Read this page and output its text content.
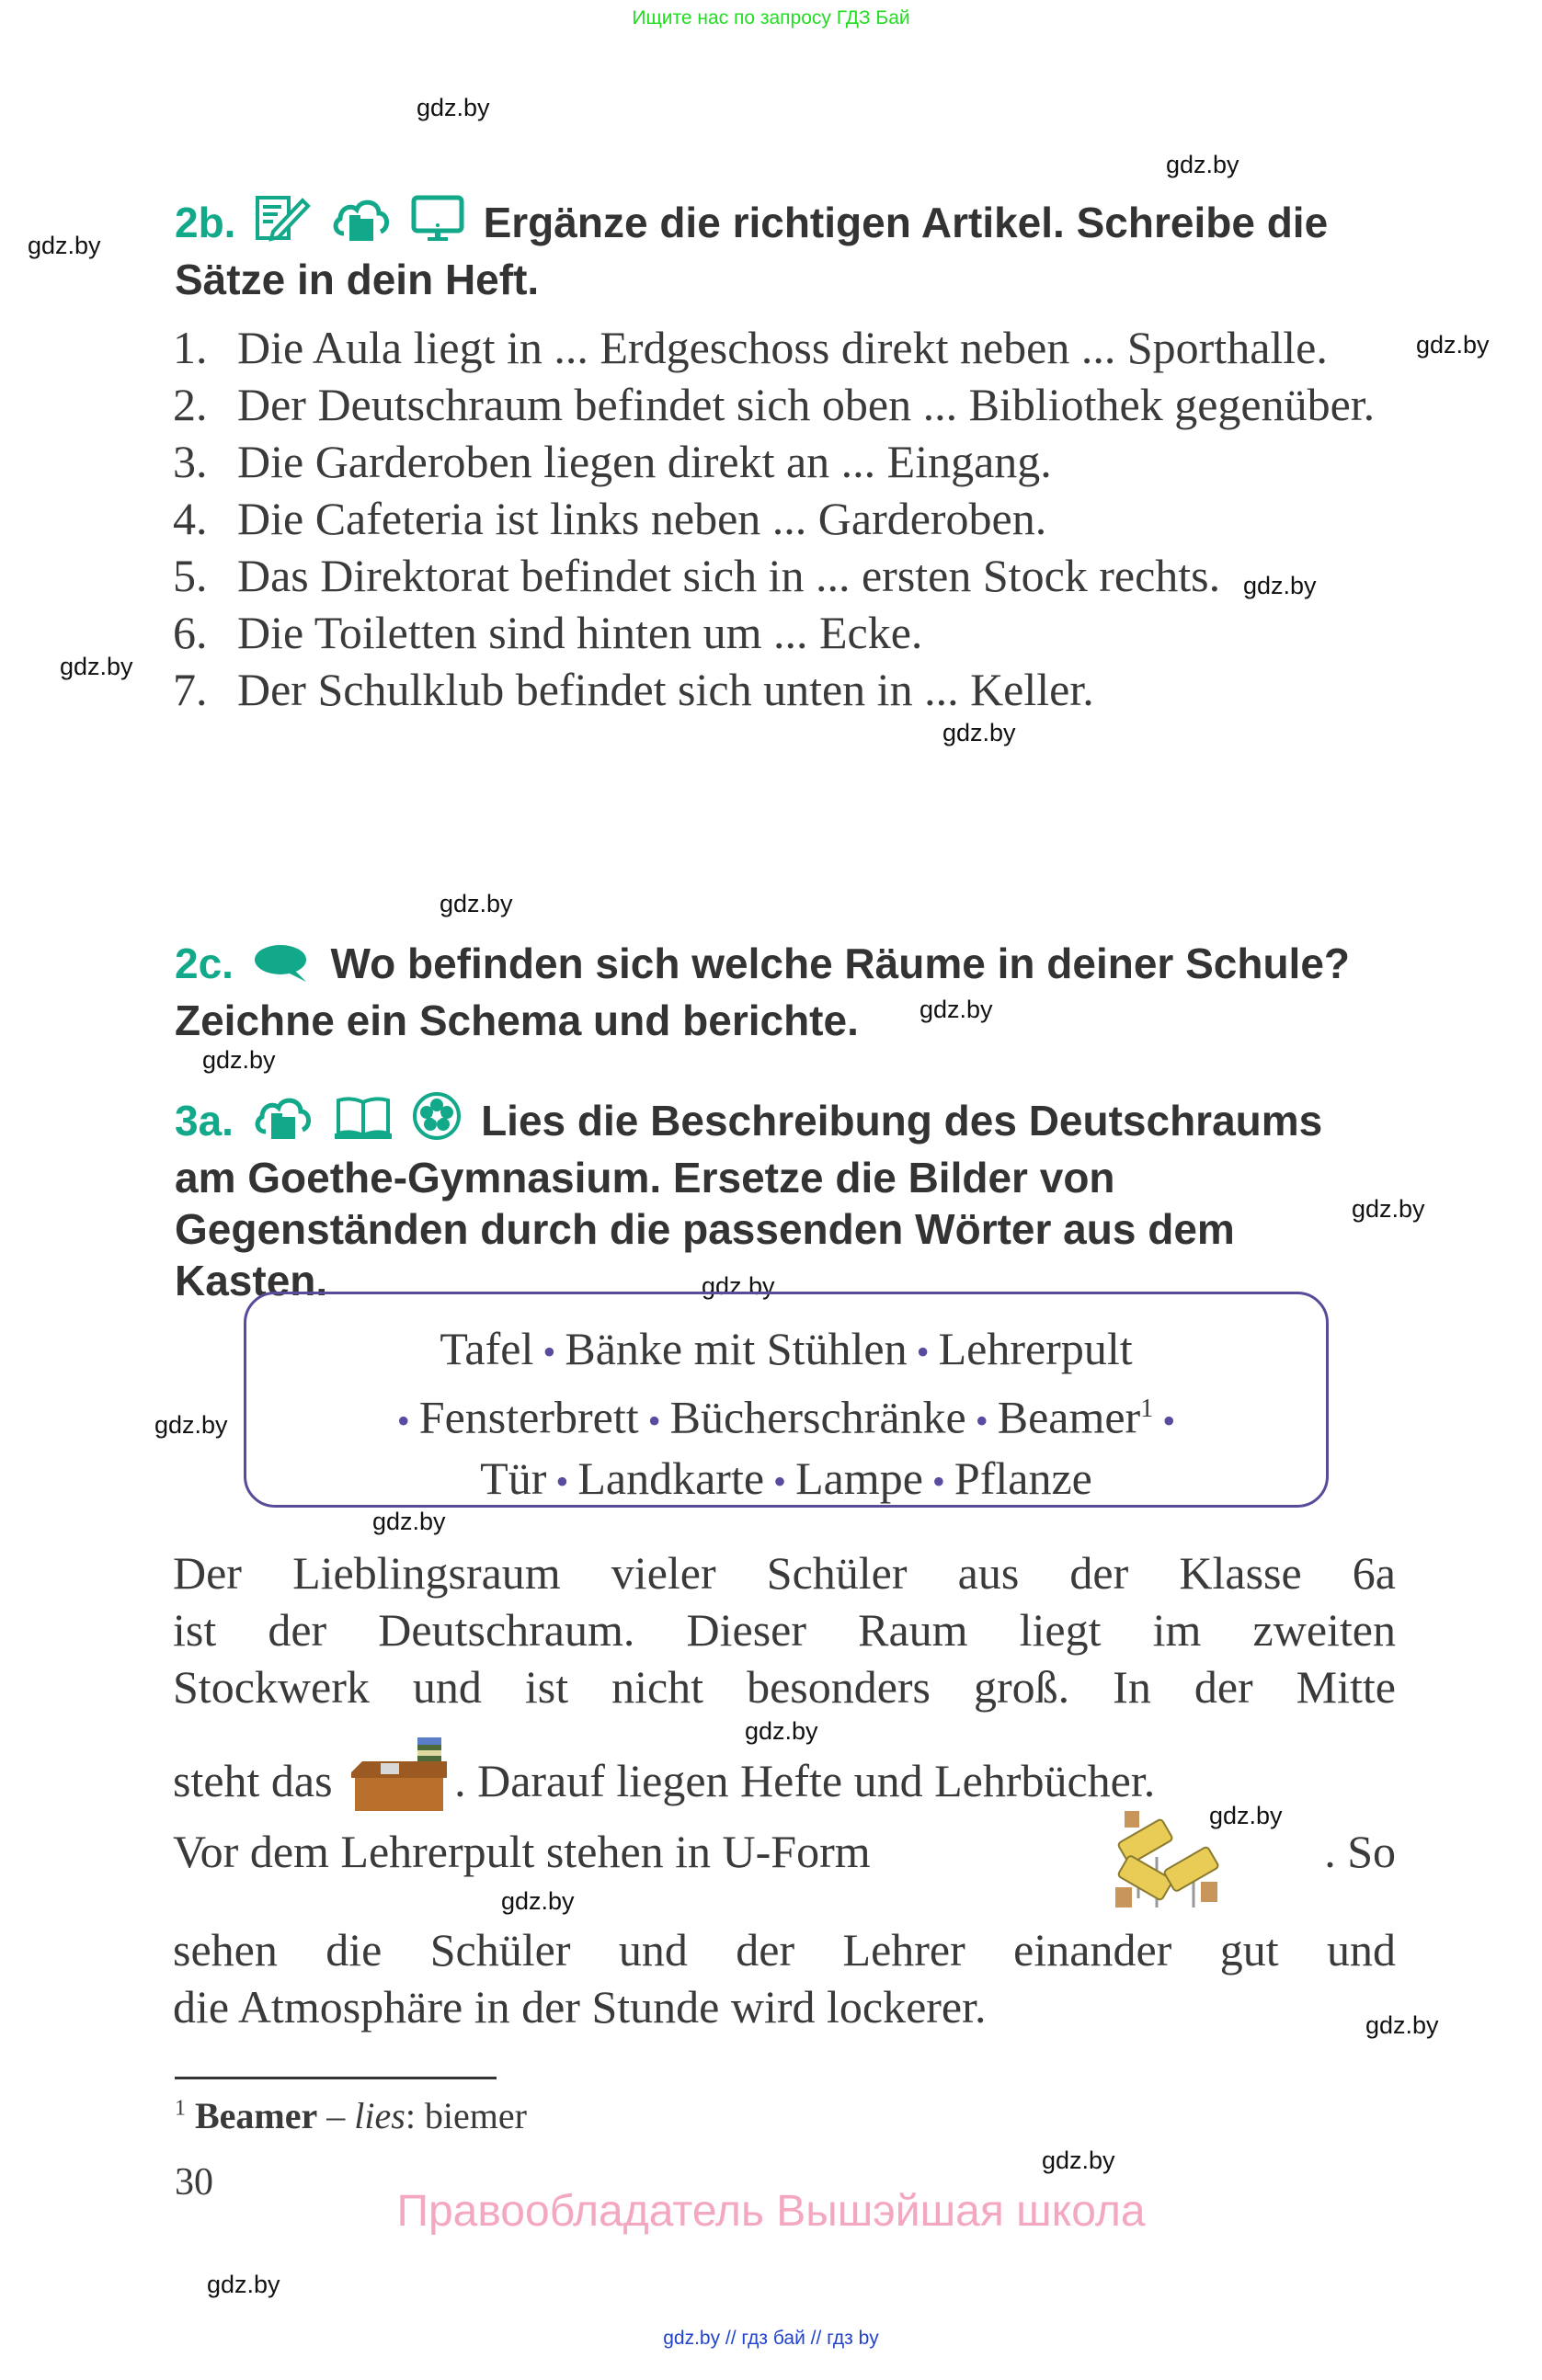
Ищите нас по запросу ГДЗ Бай
gdz.by
gdz.by
gdz.by
gdz.by
gdz.by
gdz.by
gdz.by
gdz.by
gdz.by
gdz.by
gdz.by
gdz.by
gdz.by
gdz.by
gdz.by
gdz.by
gdz.by
gdz.by
gdz.by
gdz.by
2b.	Ergänze die richtigen Artikel. Schreibe die Sätze in dein Heft.
1. Die Aula liegt in ... Erdgeschoss direkt neben ... Sporthalle.
2. Der Deutschraum befindet sich oben ... Bibliothek gegenüber.
3. Die Garderoben liegen direkt an ... Eingang.
4. Die Cafeteria ist links neben ... Garderoben.
5. Das Direktorat befindet sich in ... ersten Stock rechts.
6. Die Toiletten sind hinten um ... Ecke.
7. Der Schulklub befindet sich unten in ... Keller.
2c. Wo befinden sich welche Räume in deiner Schule? Zeichne ein Schema und berichte.
3a.	Lies die Beschreibung des Deutschraums am Goethe-Gymnasium. Ersetze die Bilder von Gegenständen durch die passenden Wörter aus dem Kasten.
Tafel • Bänke mit Stühlen • Lehrerpult
• Fensterbrett • Bücherschränke • Beamer$^1$ •
Tür • Landkarte • Lampe • Pflanze
Der Lieblingsraum vieler Schüler aus der Klasse 6a
ist der Deutschraum. Dieser Raum liegt im zweiten
Stockwerk und ist nicht besonders groß. In der Mitte
steht das	. Darauf liegen Hefte und Lehrbücher.
Vor dem Lehrerpult stehen in U-Form	. So
sehen die Schüler und der Lehrer einander gut und
die Atmosphäre in der Stunde wird lockerer.
$^1$ Beamer – lies: biemer
30
Правообладатель Вышэйшая школа
gdz.by // гдз бай // гдз by
